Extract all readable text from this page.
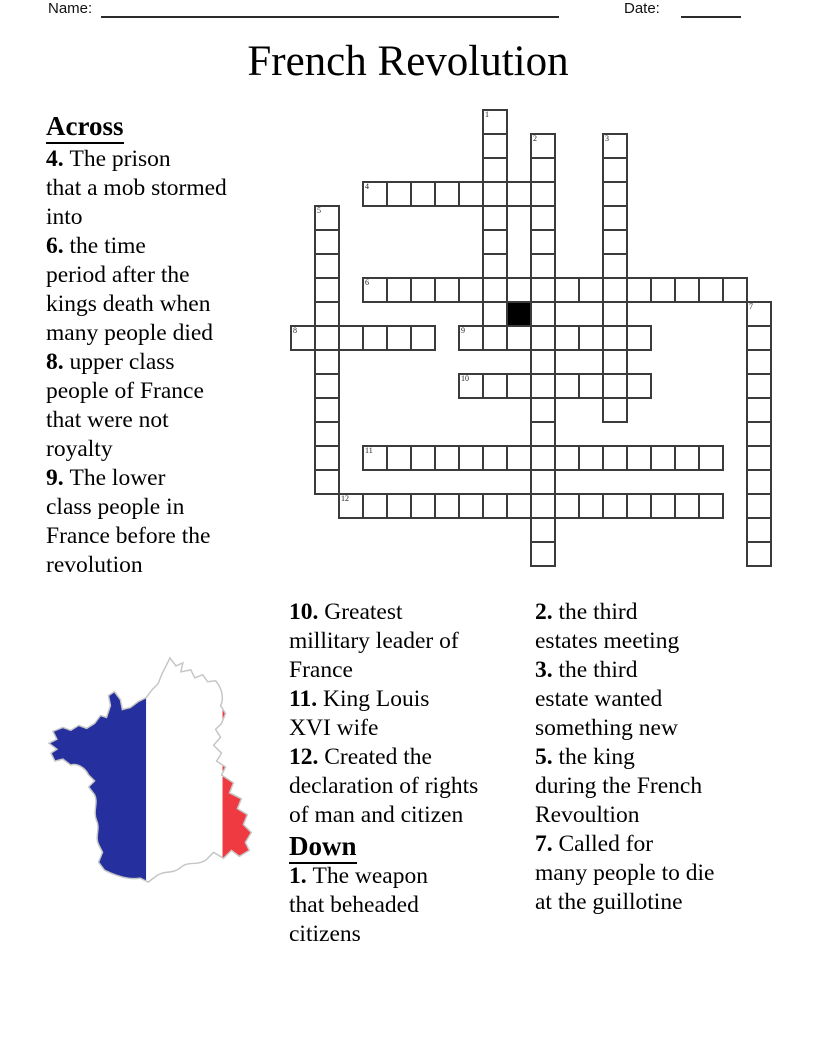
Name:	Date:
French Revolution
Across
4. The prison
that a mob stormed
into
6. the time
period after the
kings death when
many people died
8. upper class
people of France
that were not
royalty
9. The lower
class people in
France before the
revolution
1
2	3
4
5
6
7
8	9
10
11
12
10. Greatest
millitary leader of
France
11. King Louis
XVI wife
12. Created the
declaration of rights
of man and citizen
Down
1. The weapon
that beheaded
citizens
2. the third
estates meeting
3. the third
estate wanted
something new
5. the king
during the French
Revoultion
7. Called for
many people to die
at the guillotine
